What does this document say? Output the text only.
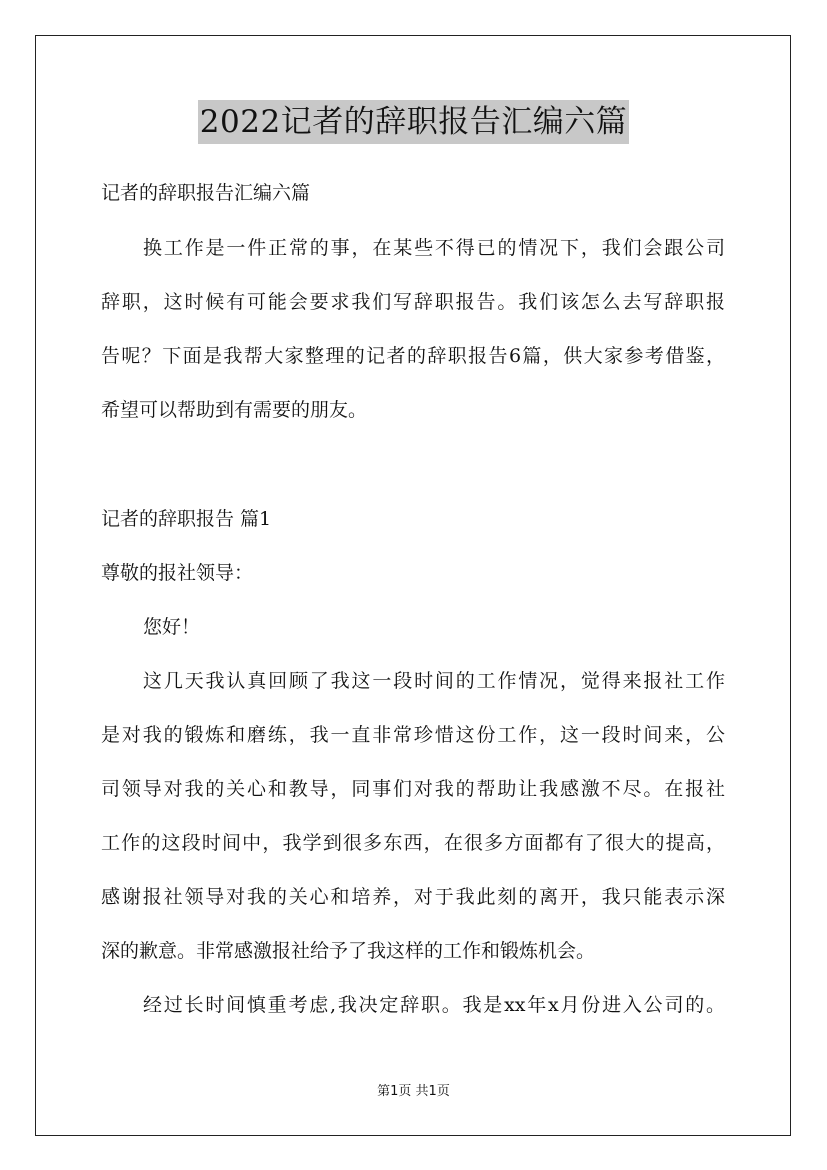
2022记者的辞职报告汇编六篇
记者的辞职报告汇编六篇
换工作是一件正常的事，在某些不得已的情况下，我们会跟公司
辞职，这时候有可能会要求我们写辞职报告。我们该怎么去写辞职报
告呢？下面是我帮大家整理的记者的辞职报告6篇，供大家参考借鉴，
希望可以帮助到有需要的朋友。
记者的辞职报告 篇1
尊敬的报社领导：
您好！
这几天我认真回顾了我这一段时间的工作情况，觉得来报社工作
是对我的锻炼和磨练，我一直非常珍惜这份工作，这一段时间来，公
司领导对我的关心和教导，同事们对我的帮助让我感激不尽。在报社
工作的这段时间中，我学到很多东西，在很多方面都有了很大的提高，
感谢报社领导对我的关心和培养，对于我此刻的离开，我只能表示深
深的歉意。非常感激报社给予了我这样的工作和锻炼机会。
经过长时间慎重考虑,我决定辞职。我是xx年x月份进入公司的。
第1页 共1页
